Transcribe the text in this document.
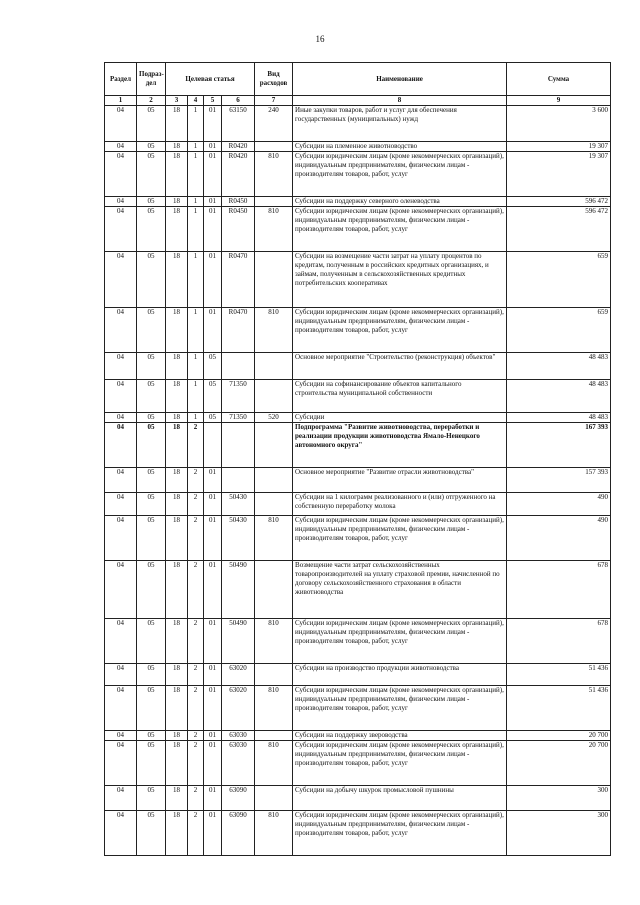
16
Раздел	Подраз-дел	Целевая статья				Вид расходов	Наименование	Сумма
1	2	3	4	5	6	7	8	9
04	05	18	1	01	63150	240	Иные закупки товаров, работ и услуг для обеспечения государственных (муниципальных) нужд	3 600
04	05	18	1	01	R0420		Субсидии на племенное животноводство	19 307
04	05	18	1	01	R0420	810	Субсидии юридическим лицам (кроме некоммерческих организаций), индивидуальным предпринимателям, физическим лицам - производителям товаров, работ, услуг	19 307
04	05	18	1	01	R0450		Субсидии на поддержку северного оленеводства	596 472
04	05	18	1	01	R0450	810	Субсидии юридическим лицам (кроме некоммерческих организаций), индивидуальным предпринимателям, физическим лицам - производителям товаров, работ, услуг	596 472
04	05	18	1	01	R0470		Субсидии на возмещение части затрат на уплату процентов по кредитам, полученным в российских кредитных организациях, и займам, полученным в сельскохозяйственных кредитных потребительских кооперативах	659
04	05	18	1	01	R0470	810	Субсидии юридическим лицам (кроме некоммерческих организаций), индивидуальным предпринимателям, физическим лицам - производителям товаров, работ, услуг	659
04	05	18	1	05			Основное мероприятие "Строительство (реконструкция) объектов"	48 483
04	05	18	1	05	71350		Субсидии на софинансирование объектов капитального строительства муниципальной собственности	48 483
04	05	18	1	05	71350	520	Субсидии	48 483
04	05	18	2				Подпрограмма "Развитие животноводства, переработки и реализации продукции животноводства Ямало-Ненецкого автономного округа"	167 393
04	05	18	2	01			Основное мероприятие "Развитие отрасли животноводства"	157 393
04	05	18	2	01	50430		Субсидии на 1 килограмм реализованного и (или) отгруженного на собственную переработку молока	490
04	05	18	2	01	50430	810	Субсидии юридическим лицам (кроме некоммерческих организаций), индивидуальным предпринимателям, физическим лицам - производителям товаров, работ, услуг	490
04	05	18	2	01	50490		Возмещение части затрат сельскохозяйственных товаропроизводителей на уплату страховой премии, начисленной по договору сельскохозяйственного страхования в области животноводства	678
04	05	18	2	01	50490	810	Субсидии юридическим лицам (кроме некоммерческих организаций), индивидуальным предпринимателям, физическим лицам - производителям товаров, работ, услуг	678
04	05	18	2	01	63020		Субсидии на производство продукции животноводства	51 436
04	05	18	2	01	63020	810	Субсидии юридическим лицам (кроме некоммерческих организаций), индивидуальным предпринимателям, физическим лицам - производителям товаров, работ, услуг	51 436
04	05	18	2	01	63030		Субсидии на поддержку звероводства	20 700
04	05	18	2	01	63030	810	Субсидии юридическим лицам (кроме некоммерческих организаций), индивидуальным предпринимателям, физическим лицам - производителям товаров, работ, услуг	20 700
04	05	18	2	01	63090		Субсидии на добычу шкурок промысловой пушнины	300
04	05	18	2	01	63090	810	Субсидии юридическим лицам (кроме некоммерческих организаций), индивидуальным предпринимателям, физическим лицам - производителям товаров, работ, услуг	300
